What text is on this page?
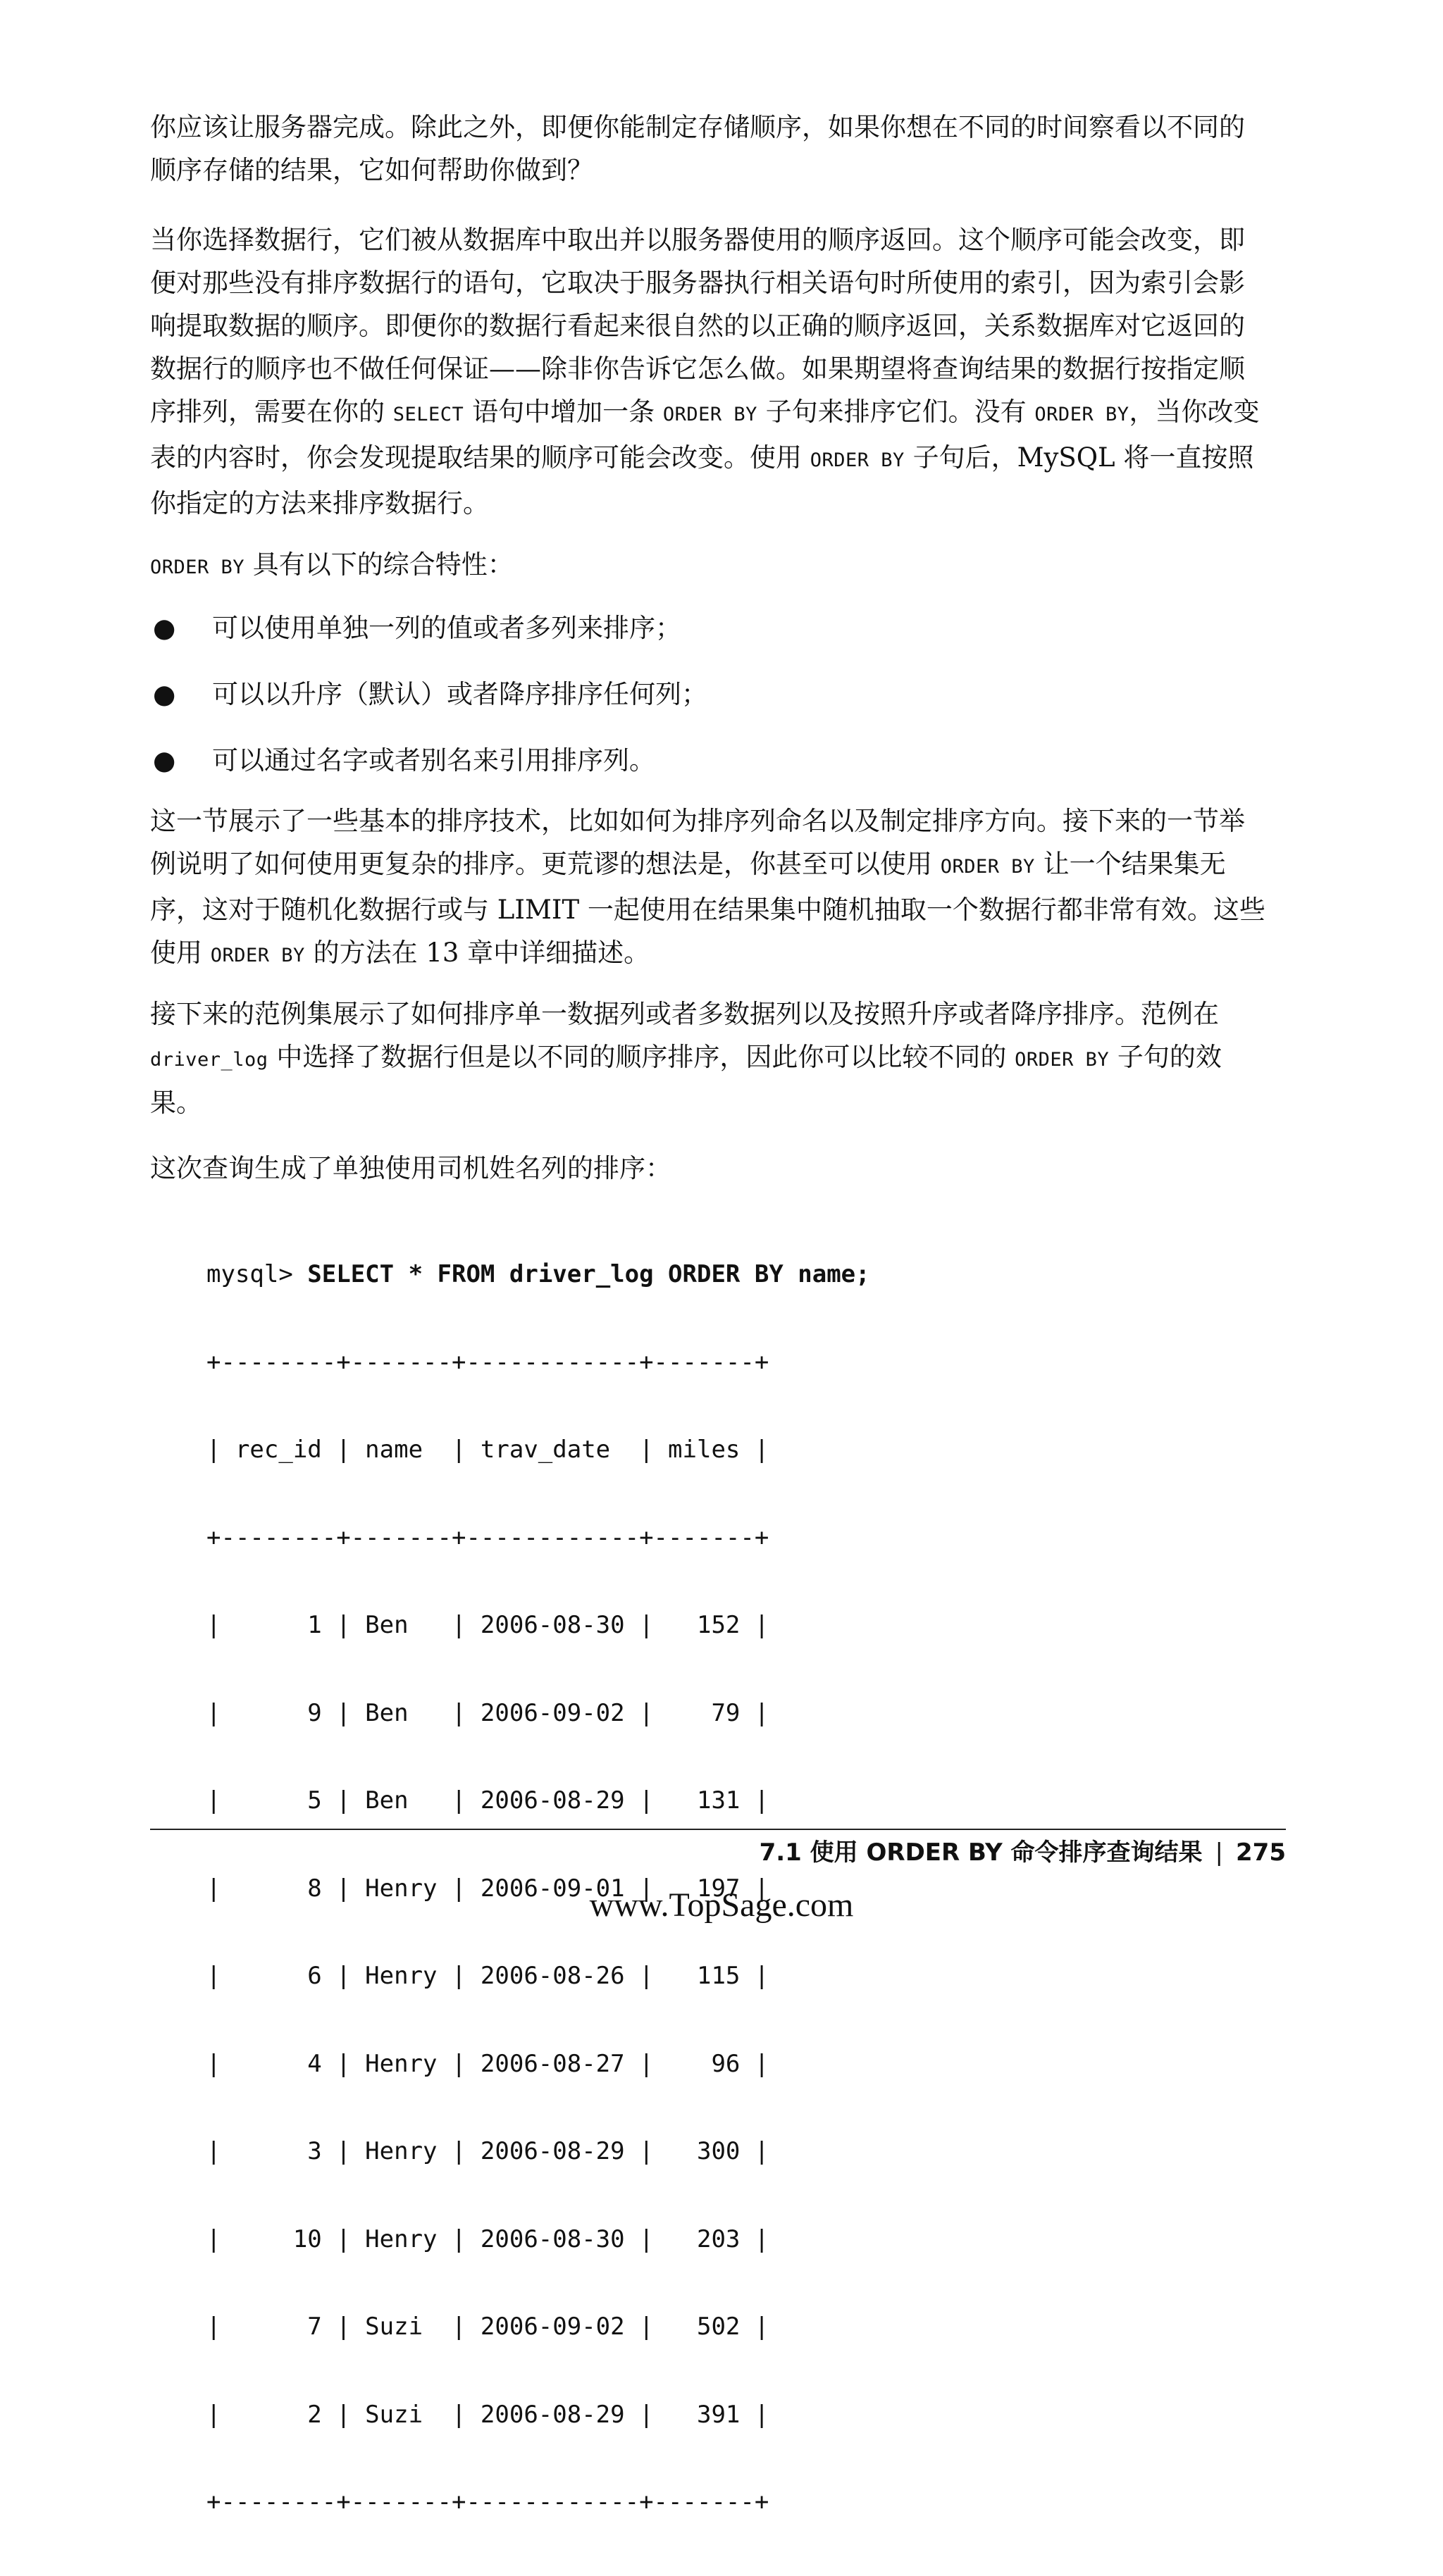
你应该让服务器完成。除此之外，即便你能制定存储顺序，如果你想在不同的时间察看以不同的顺序存储的结果，它如何帮助你做到？
当你选择数据行，它们被从数据库中取出并以服务器使用的顺序返回。这个顺序可能会改变，即便对那些没有排序数据行的语句，它取决于服务器执行相关语句时所使用的索引，因为索引会影响提取数据的顺序。即便你的数据行看起来很自然的以正确的顺序返回，关系数据库对它返回的数据行的顺序也不做任何保证——除非你告诉它怎么做。如果期望将查询结果的数据行按指定顺序排列，需要在你的 SELECT 语句中增加一条 ORDER BY 子句来排序它们。没有 ORDER BY，当你改变表的内容时，你会发现提取结果的顺序可能会改变。使用 ORDER BY 子句后，MySQL 将一直按照你指定的方法来排序数据行。
ORDER BY 具有以下的综合特性：
● 可以使用单独一列的值或者多列来排序；
● 可以以升序（默认）或者降序排序任何列；
● 可以通过名字或者别名来引用排序列。
这一节展示了一些基本的排序技术，比如如何为排序列命名以及制定排序方向。接下来的一节举例说明了如何使用更复杂的排序。更荒谬的想法是，你甚至可以使用 ORDER BY 让一个结果集无序，这对于随机化数据行或与 LIMIT 一起使用在结果集中随机抽取一个数据行都非常有效。这些使用 ORDER BY 的方法在 13 章中详细描述。
接下来的范例集展示了如何排序单一数据列或者多数据列以及按照升序或者降序排序。范例在 driver_log 中选择了数据行但是以不同的顺序排序，因此你可以比较不同的 ORDER BY 子句的效果。
这次查询生成了单独使用司机姓名列的排序：

mysql> SELECT * FROM driver_log ORDER BY name;

+--------+-------+------------+-------+

| rec_id | name  | trav_date  | miles |

+--------+-------+------------+-------+

|      1 | Ben   | 2006-08-30 |   152 |

|      9 | Ben   | 2006-09-02 |    79 |

|      5 | Ben   | 2006-08-29 |   131 |

|      8 | Henry | 2006-09-01 |   197 |

|      6 | Henry | 2006-08-26 |   115 |

|      4 | Henry | 2006-08-27 |    96 |

|      3 | Henry | 2006-08-29 |   300 |

|     10 | Henry | 2006-08-30 |   203 |

|      7 | Suzi  | 2006-09-02 |   502 |

|      2 | Suzi  | 2006-08-29 |   391 |

+--------+-------+------------+-------+

7.1 使用 ORDER BY 命令排序查询结果 | 275
www.TopSage.com
